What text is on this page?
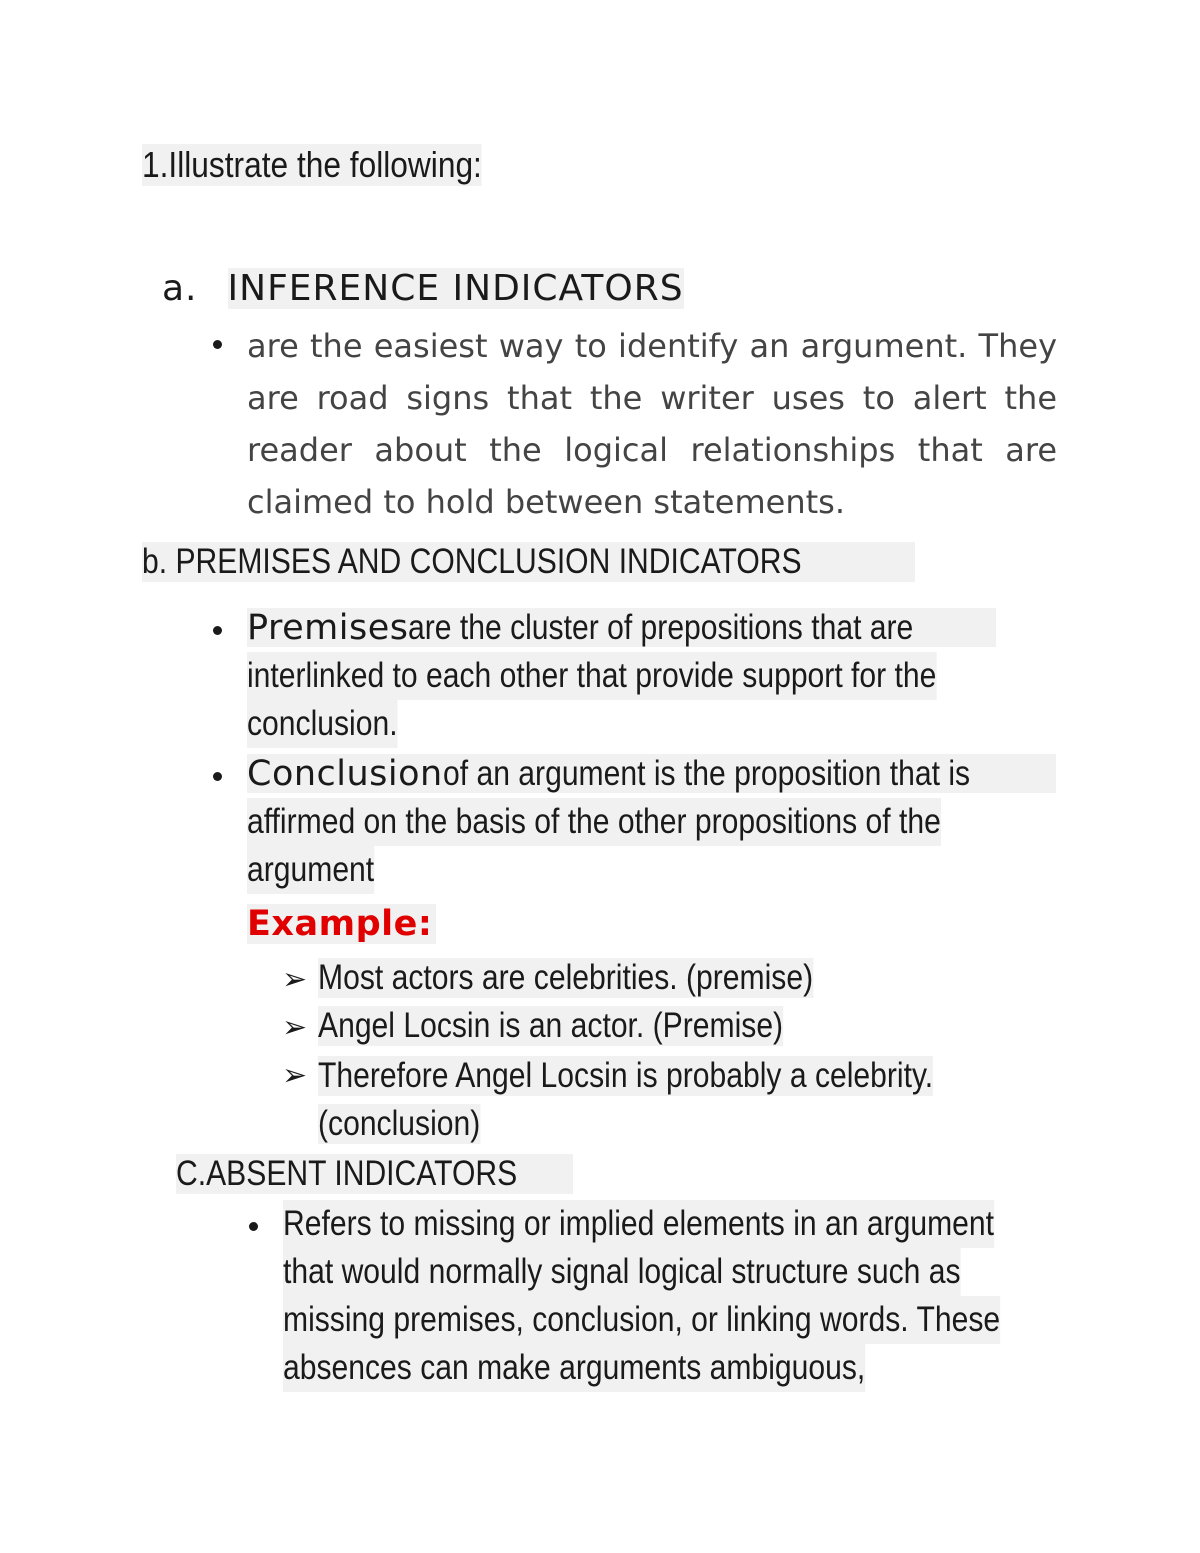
1.Illustrate the following:
a. INFERENCE INDICATORS
are the easiest way to identify an argument. They
are road signs that the writer uses to alert the
reader about the logical relationships that are
claimed to hold between statements.
b. PREMISES AND CONCLUSION INDICATORS
Premisesare the cluster of prepositions that are
interlinked to each other that provide support for the
conclusion.
Conclusionof an argument is the proposition that is
affirmed on the basis of the other propositions of the
argument
Example:
➢ Most actors are celebrities. (premise)
➢ Angel Locsin is an actor. (Premise)
➢ Therefore Angel Locsin is probably a celebrity.
(conclusion)
C.ABSENT INDICATORS
Refers to missing or implied elements in an argument
that would normally signal logical structure such as
missing premises, conclusion, or linking words. These
absences can make arguments ambiguous,
